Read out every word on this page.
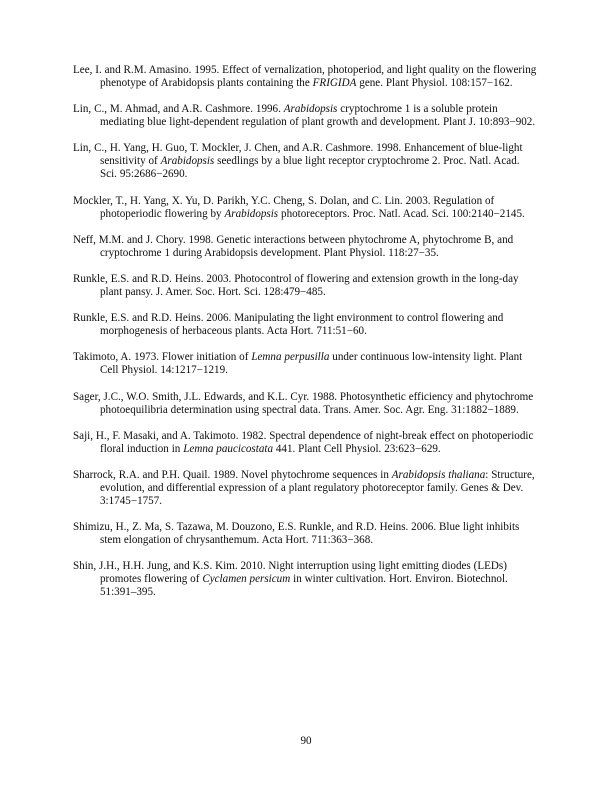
Lee, I. and R.M. Amasino. 1995. Effect of vernalization, photoperiod, and light quality on the flowering phenotype of Arabidopsis plants containing the FRIGIDA gene. Plant Physiol. 108:157−162.

Lin, C., M. Ahmad, and A.R. Cashmore. 1996. Arabidopsis cryptochrome 1 is a soluble protein mediating blue light-dependent regulation of plant growth and development. Plant J. 10:893−902.

Lin, C., H. Yang, H. Guo, T. Mockler, J. Chen, and A.R. Cashmore. 1998. Enhancement of blue-light sensitivity of Arabidopsis seedlings by a blue light receptor cryptochrome 2. Proc. Natl. Acad. Sci. 95:2686−2690.

Mockler, T., H. Yang, X. Yu, D. Parikh, Y.C. Cheng, S. Dolan, and C. Lin. 2003. Regulation of photoperiodic flowering by Arabidopsis photoreceptors. Proc. Natl. Acad. Sci. 100:2140−2145.

Neff, M.M. and J. Chory. 1998. Genetic interactions between phytochrome A, phytochrome B, and cryptochrome 1 during Arabidopsis development. Plant Physiol. 118:27−35.

Runkle, E.S. and R.D. Heins. 2003. Photocontrol of flowering and extension growth in the long-day plant pansy. J. Amer. Soc. Hort. Sci. 128:479−485.

Runkle, E.S. and R.D. Heins. 2006. Manipulating the light environment to control flowering and morphogenesis of herbaceous plants. Acta Hort. 711:51−60.

Takimoto, A. 1973. Flower initiation of Lemna perpusilla under continuous low-intensity light. Plant Cell Physiol. 14:1217−1219.

Sager, J.C., W.O. Smith, J.L. Edwards, and K.L. Cyr. 1988. Photosynthetic efficiency and phytochrome photoequilibria determination using spectral data. Trans. Amer. Soc. Agr. Eng. 31:1882−1889.

Saji, H., F. Masaki, and A. Takimoto. 1982. Spectral dependence of night-break effect on photoperiodic floral induction in Lemna paucicostata 441. Plant Cell Physiol. 23:623−629.

Sharrock, R.A. and P.H. Quail. 1989. Novel phytochrome sequences in Arabidopsis thaliana: Structure, evolution, and differential expression of a plant regulatory photoreceptor family. Genes & Dev. 3:1745−1757.

Shimizu, H., Z. Ma, S. Tazawa, M. Douzono, E.S. Runkle, and R.D. Heins. 2006. Blue light inhibits stem elongation of chrysanthemum. Acta Hort. 711:363−368.

Shin, J.H., H.H. Jung, and K.S. Kim. 2010. Night interruption using light emitting diodes (LEDs) promotes flowering of Cyclamen persicum in winter cultivation. Hort. Environ. Biotechnol. 51:391–395.

90
